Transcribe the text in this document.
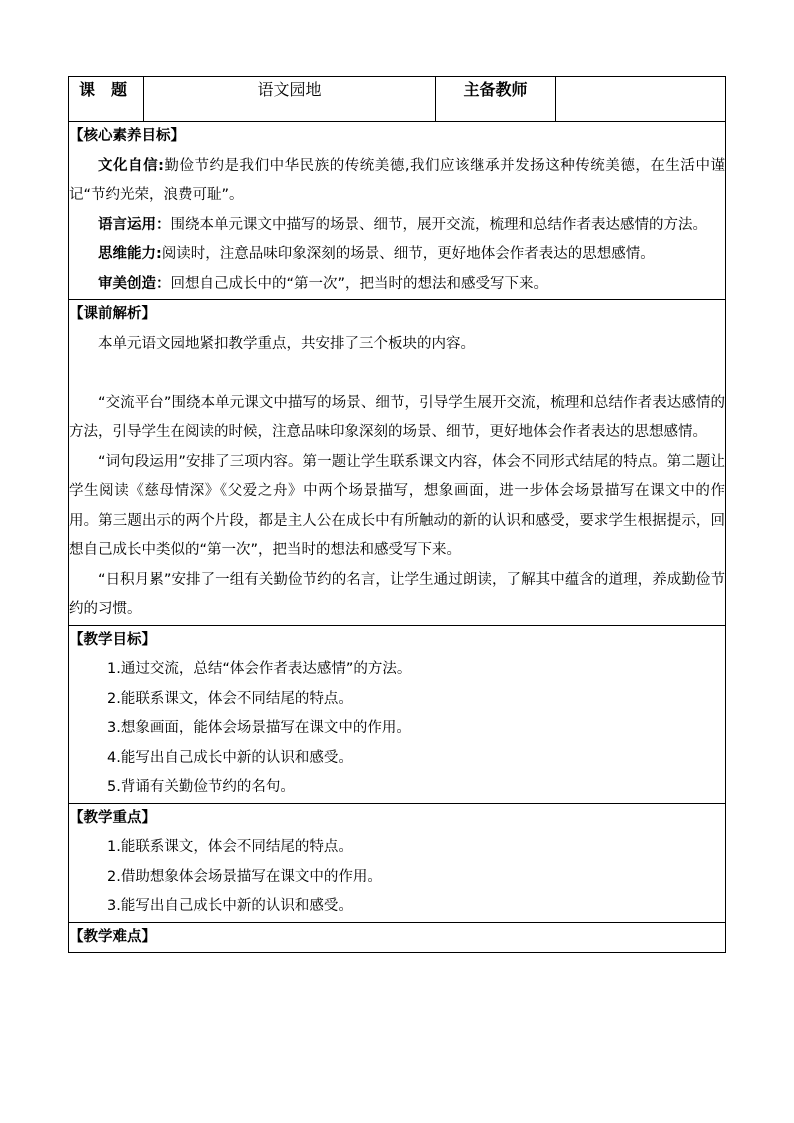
课　题	语文园地	主备教师	

【核心素养目标】

文化自信:勤俭节约是我们中华民族的传统美德,我们应该继承并发扬这种传统美德，在生活中谨记“节约光荣，浪费可耻”。

语言运用：围绕本单元课文中描写的场景、细节，展开交流，梳理和总结作者表达感情的方法。

思维能力:阅读时，注意品味印象深刻的场景、细节，更好地体会作者表达的思想感情。

审美创造：回想自己成长中的“第一次”，把当时的想法和感受写下来。

【课前解析】

本单元语文园地紧扣教学重点，共安排了三个板块的内容。

“交流平台”围绕本单元课文中描写的场景、细节，引导学生展开交流，梳理和总结作者表达感情的方法，引导学生在阅读的时候，注意品味印象深刻的场景、细节，更好地体会作者表达的思想感情。

“词句段运用”安排了三项内容。第一题让学生联系课文内容，体会不同形式结尾的特点。第二题让学生阅读《慈母情深》《父爱之舟》中两个场景描写，想象画面，进一步体会场景描写在课文中的作用。第三题出示的两个片段，都是主人公在成长中有所触动的新的认识和感受，要求学生根据提示，回想自己成长中类似的“第一次”，把当时的想法和感受写下来。

“日积月累”安排了一组有关勤俭节约的名言，让学生通过朗读，了解其中蕴含的道理，养成勤俭节约的习惯。

【教学目标】

1.通过交流，总结“体会作者表达感情”的方法。

2.能联系课文，体会不同结尾的特点。

3.想象画面，能体会场景描写在课文中的作用。

4.能写出自己成长中新的认识和感受。

5.背诵有关勤俭节约的名句。

【教学重点】

1.能联系课文，体会不同结尾的特点。

2.借助想象体会场景描写在课文中的作用。

3.能写出自己成长中新的认识和感受。

【教学难点】
